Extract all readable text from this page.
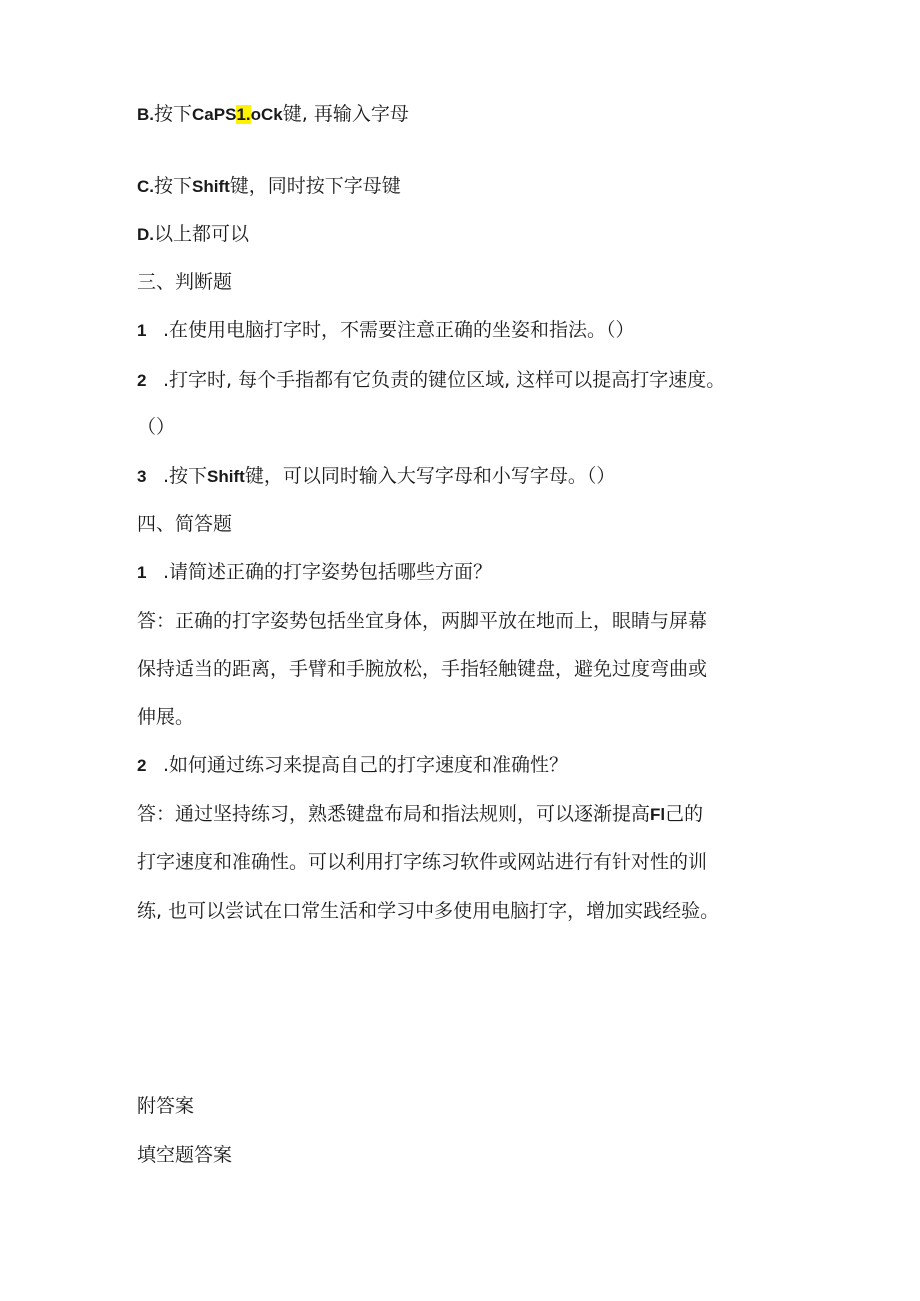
B.按下CaPS1.oCk键, 再输入字母
C.按下Shift键，同时按下字母键
D.以上都可以
三、判断题
1 .在使用电脑打字时，不需要注意正确的坐姿和指法。（）
2 .打字时, 每个手指都有它负责的键位区域, 这样可以提高打字速度。
（）
3 .按下Shift键，可以同时输入大写字母和小写字母。（）
四、简答题
1 .请简述正确的打字姿势包括哪些方面？
答：正确的打字姿势包括坐宜身体，两脚平放在地而上，眼睛与屏幕
保持适当的距离，手臂和手腕放松，手指轻触键盘，避免过度弯曲或
伸展。
2 .如何通过练习来提高自己的打字速度和准确性？
答：通过坚持练习，熟悉键盘布局和指法规则，可以逐渐提高Fl己的
打字速度和准确性。可以利用打字练习软件或网站进行有针对性的训
练, 也可以尝试在口常生活和学习中多使用电脑打字，增加实践经验。
附答案
填空题答案
